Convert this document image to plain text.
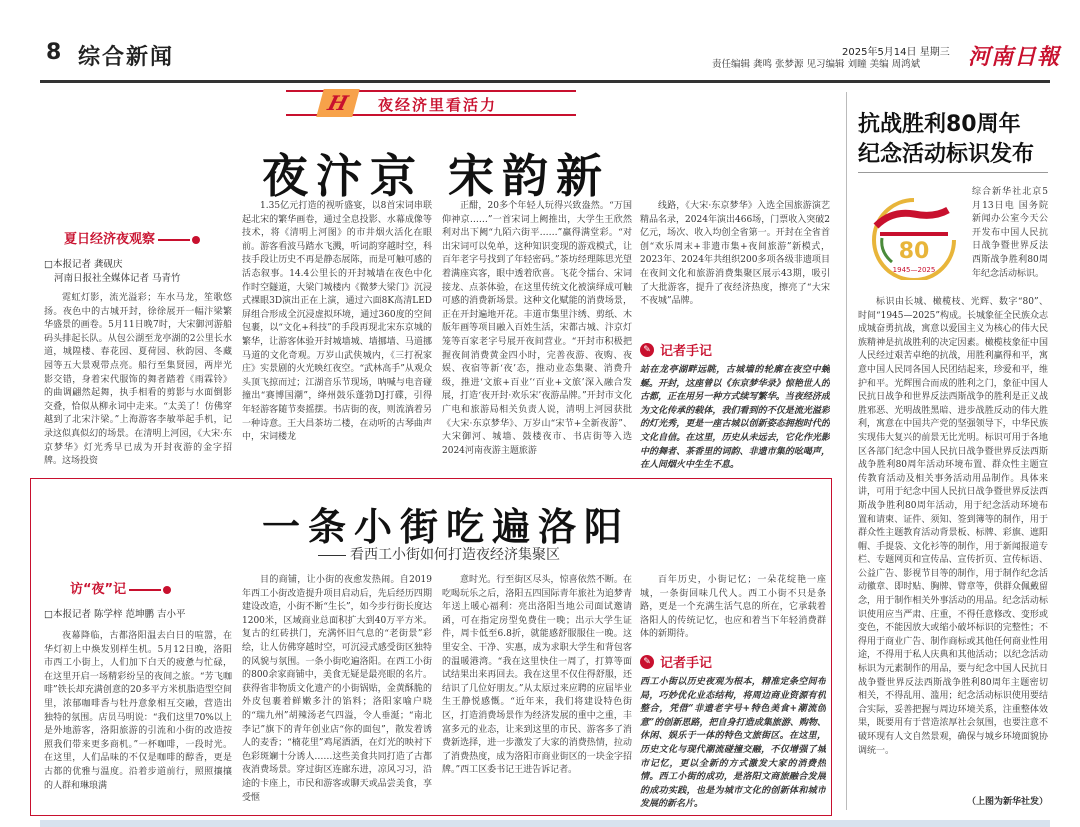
8 综合新闻	2025年5月14日 星期三
责任编辑 龚鸣 张梦源 见习编辑 刘瞳 美编 周鸿斌 河南日報
H	夜经济里看活力
夜汴京 宋韵新
夏日经济夜观察
□本报记者 龚砚庆
河南日报社全媒体记者 马青竹

霓虹灯影，流光溢彩；车水马龙，笙歌悠扬。夜色中的古城开封，徐徐展开一幅汴梁繁华盛景的画卷。5月11日晚7时，大宋御河游船码头排起长队。从包公湖至龙亭湖的2公里长水道，城隍楼、春花园、夏荷园、秋韵园、冬藏园等五大景观带点亮。船行至集贤园，两岸光影交错，身着宋代服饰的舞者踏着《雨霖铃》的曲调翩然起舞，执手相看的剪影与水面倒影交叠，恰似从柳永词中走来。“太美了！仿佛穿越到了北宋汴梁。”上海游客李敏举起手机，记录这似真似幻的场景。在清明上河园，《大宋·东京梦华》灯光秀早已成为开封夜游的金字招牌。这场投资

1.35亿元打造的视听盛宴，以8首宋词串联起北宋的繁华画卷，通过全息投影、水幕成像等技术，将《清明上河图》的市井烟火活化在眼前。游客看波马踏水飞溅，听词韵穿越时空，科技手段让历史不再是静态展陈，而是可触可感的活态叙事。14.4公里长的开封城墙在夜色中化作时空隧道，大梁门城楼内《微梦大梁门》沉浸式裸眼3D演出正在上演，通过六面8K高清LED屏组合形成全沉浸虚拟环境，通过360度的空间包裹，以“文化+科技”的手段再现北宋东京城的繁华，让游客体验开封城墙城、墙挪墙、马道挪马道的文化奇观。万岁山武侠城内，《三打祝家庄》实景剧的火光映红夜空。“武林高手”从观众头顶飞掠而过；江湖音乐节现场，呐喊与电音碰撞出“赛博国潮”，绛州鼓乐蓬勃DJ打碟，引得年轻游客随节奏摇摆。书店街的夜，则流淌着另一种诗意。王大昌茶坊二楼，在动听的古琴曲声中，宋词楼龙

正酣，20多个年轻人玩得兴致盎然。“万国仰神京……”一首宋词上阙推出，大学生王欣然利对出下阙“九陌六街平……”赢得满堂彩。“对出宋词可以免单，这种知识变现的游戏模式，让百年老字号找到了年轻密码。”茶坊经理陈思光望着满座宾客，眼中透着欣喜。飞花令擂台、宋词接龙、点茶体验，在这里传统文化被演绎成可触可感的消费新场景。这种文化赋能的消费场景，正在开封遍地开花。丰道市集里汴绣、剪纸、木版年画等项目融入百姓生活，宋都古城、汴京灯笼等百家老字号展开夜间营业。“开封市积极把握夜间消费黄金四小时，完善夜游、夜购、夜娱、夜宿等新‘夜’态，推动业态集聚、消费升级，推进‘文旅+百业’‘百业+文旅’深入融合发展，打造‘夜开封·欢乐宋’夜游品牌。”开封市文化广电和旅游局相关负责人说，清明上河园获批《大宋·东京梦华》、万岁山“宋节+全新夜游”、大宋御河、城墙、鼓楼夜市、书店街等入选2024河南夜游主题旅游

线路，《大宋·东京梦华》入选全国旅游演艺精品名录，2024年演出466场，门票收入突破2亿元，场次、收入均创全省第一。开封在全省首创“欢乐周末+非遗市集+夜间旅游”新模式，2023年、2024年共组织200多项各级非遗项目在夜间文化和旅游消费集聚区展示43期，吸引了大批游客，提升了夜经济热度，擦亮了“大宋不夜城”品牌。

✎ 记者手记

站在龙亭湖畔远眺，古城墙的轮廓在夜空中蜿蜒。开封，这座曾以《东京梦华录》惊艳世人的古都，正在用另一种方式续写繁华。当夜经济成为文化传承的载体，我们看到的不仅是流光溢彩的灯光秀，更是一座古城以创新姿态拥抱时代的文化自信。在这里，历史从未远去，它化作光影中的舞者、茶香里的词韵、非遗市集的吆喝声，在人间烟火中生生不息。

一条小街吃遍洛阳
看西工小街如何打造夜经济集聚区
访“夜”记
□本报记者 陈学梓 范坤鹏 吉小平

夜幕降临，古都洛阳温去白日的喧嚣，在华灯初上中焕发别样生机。5月12日晚，洛阳市西工小街上，人们加下白天的疲惫与忙碌，在这里开启一场精彩纷呈的夜间之旅。“芳飞咖啡”铁长却充满创意的20多平方米机脂造型空间里，浓郁咖啡香与牡丹意象相互交融，营造出独特的氛围。店员马明说：“我们这里70%以上是外地游客，洛阳旅游的引流和小街的改造按照我们带来更多商机。”一杯咖啡，一段时光。在这里，人们品味的不仅是咖啡的醇香，更是古都的优雅与温度。沿着步道前行，照照攘攘的人群和琳琅满

目的商铺，让小街的夜愈发热闹。自2019年西工小街改造提升项目启动后，先后经历四期建设改造，小街不断“生长”，如今步行街长度达1200米，区域商业总面积扩大到40万平方米。复古的红砖拱门，充满怀旧气息的“老街景”彩绘，让人仿佛穿越时空，可沉浸式感受街区独特的风貌与氛围。一条小街吃遍洛阳。在西工小街的800余家商铺中，美食无疑是最亮眼的名片。获得省非物质文化遗产的小街锅贴，金黄酥脆的外皮包裹着鲜嫩多汁的馅料；洛阳家喻户晓的“瑞九州”胡辣汤老气四溢，令人垂涎；“南北李记”旗下的青年创业店“你的面包”，散发着诱人的麦香；“楠花里”鸡尾酒酒，在灯光的映衬下色彩斑斓十分诱人……这些美食共同打造了古都夜消费场景。穿过街区连廊东进，凉风习习，沿途的卡座上，市民和游客或聊天或品尝美食，享受惬

意时光。行至街区尽头，惊喜依然不断。在吃喝玩乐之后，洛阳五四国际青年旅社为追梦青年送上暖心福利：亮出洛阳当地公司面试邀请函，可在指定房型免费住一晚；出示大学生证件，周卡低至6.8折，就能感舒服服住一晚。这里安全、干净、实惠，成为求职大学生和背包客的温暖港湾。“我在这里快住一周了，打算等面试结果出来再回去。我在这里不仅住得舒服，还结识了几位好朋友。”从太原过来应聘的应届毕业生王静悦感慨。“近年来，我们将建设特色街区，打造消费场景作为经济发展的重中之重，丰富多元的业态，让来到这里的市民、游客多了消费新选择，进一步激发了大家的消费热情，拉动了消费热度，成为洛阳市商业街区的一块金字招牌。”西工区委书记王进告诉记者。

百年历史，小街记忆；一朵花绽艳一座城，一条街回味几代人。西工小街不只是条路，更是一个充满生活气息的所在，它承载着洛阳人的传统记忆，也应和着当下年轻消费群体的新期待。

✎ 记者手记

西工小街以历史夜观为根本，精准定条空间布局，巧妙优化业态结构，将周边商业资源有机整合，凭借“非遗老字号+特色美食+潮流创意”的创新思路，把自身打造成集旅游、购物、休闲、娱乐于一体的特色文旅街区。在这里，历史文化与现代潮流碰撞交融，不仅增强了城市记忆，更以全新的方式激发大家的消费热情。西工小街的成功，是洛阳文商旅融合发展的成功实践，也是为城市文化的创新体和城市发展的新名片。

抗战胜利80周年
纪念活动标识发布
80
1945—2025

综合新华社北京5月13日电 国务院新闻办公室今天公开发布中国人民抗日战争暨世界反法西斯战争胜利80周年纪念活动标识。

标识由长城、橄榄枝、光辉、数字“80”、时间“1945—2025”构成。长城象征全民族众志成城奋勇抗战，寓意以爱国主义为核心的伟大民族精神是抗战胜利的决定因素。橄榄枝象征中国人民经过艰苦卓绝的抗战，用胜利赢得和平，寓意中国人民同各国人民团结起来，珍爱和平，维护和平。光辉围合而成的胜利之门，象征中国人民抗日战争和世界反法西斯战争的胜利是正义战胜邪恶、光明战胜黑暗、进步战胜反动的伟大胜利，寓意在中国共产党的坚强领导下，中华民族实现伟大复兴的前景无比光明。标识可用于各地区各部门纪念中国人民抗日战争暨世界反法西斯战争胜利80周年活动环境布置、群众性主题宣传教育活动及相关事务活动用品制作。具体来讲，可用于纪念中国人民抗日战争暨世界反法西斯战争胜利80周年活动，用于纪念活动环境布置和请柬、证件、须知、签到簿等的制作，用于群众性主题教育活动背景板、标牌、彩旗、遮阳帽、手提袋、文化衫等的制作，用于新闻报道专栏、专题网页和宣传品、宣传折页、宣传标语、公益广告、影视节目等的制作，用于制作纪念活动徽章、即时贴、胸牌、臂章等，供群众佩戴留念，用于制作相关外事活动的用品。纪念活动标识使用应当严肃、庄重，不得任意修改、变形或变色，不能因放大或缩小破坏标识的完整性；不得用于商业广告、制作商标或其他任何商业性用途，不得用于私人庆典和其他活动；以纪念活动标识为元素制作的用品，要与纪念中国人民抗日战争暨世界反法西斯战争胜利80周年主题密切相关，不得乱用、滥用；纪念活动标识使用要结合实际，妥善把握与周边环境关系，注重整体效果，既要用有于营造浓厚社会氛围，也要注意不破环现有人文自然景观，确保与城乡环境面貌协调统一。

（上图为新华社发）
